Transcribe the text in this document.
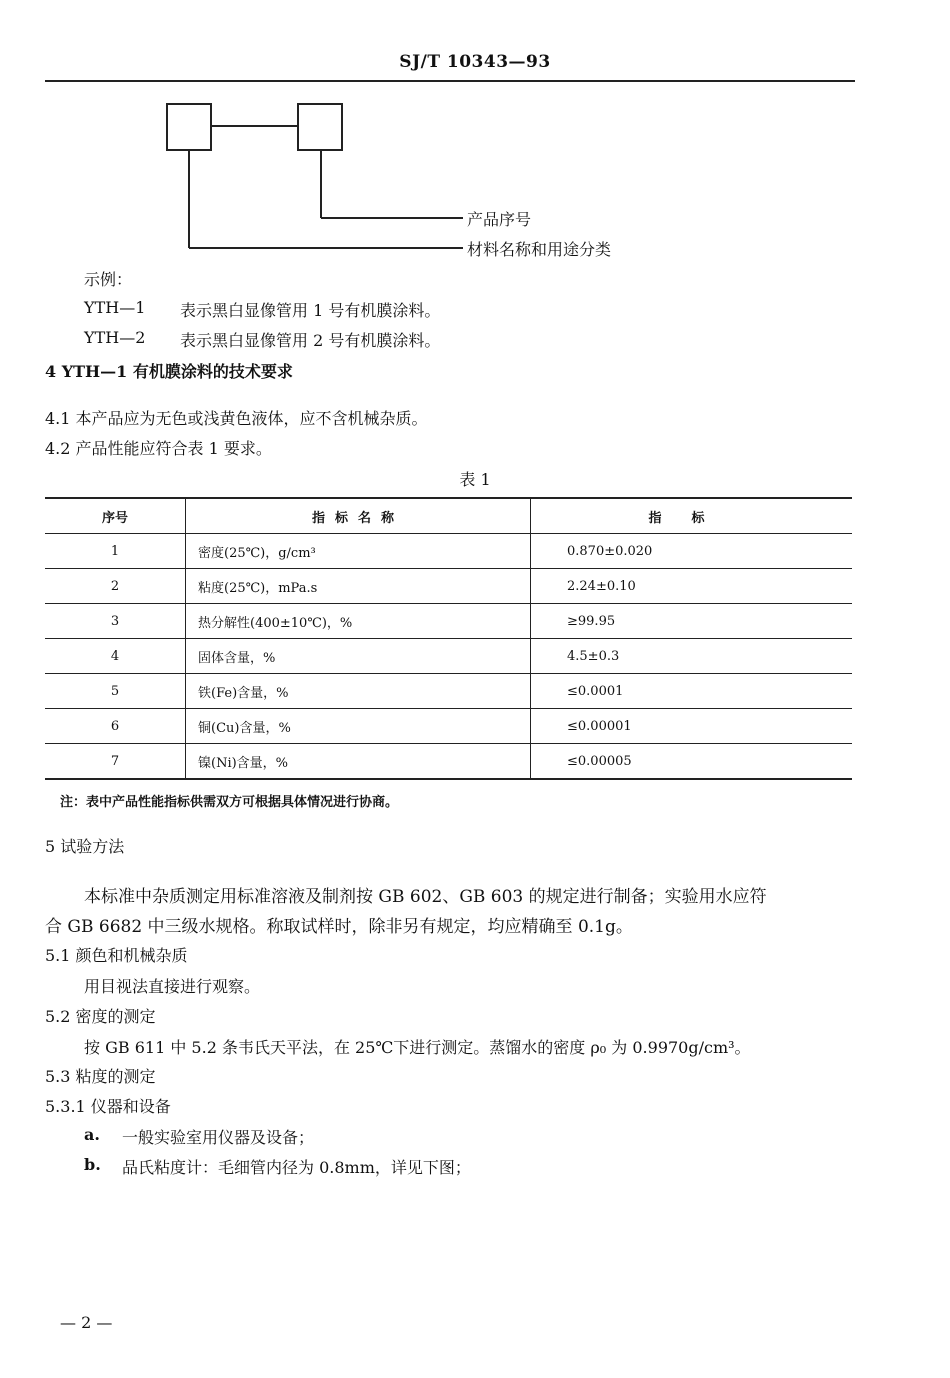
SJ/T 10343—93
产品序号
材料名称和用途分类
示例：
YTH—1 表示黑白显像管用 1 号有机膜涂料。
YTH—2 表示黑白显像管用 2 号有机膜涂料。
4 YTH—1 有机膜涂料的技术要求
4.1 本产品应为无色或浅黄色液体，应不含机械杂质。
4.2 产品性能应符合表 1 要求。
表 1
序号	指标名称	指标
1	密度(25℃)，g/cm³	0.870±0.020
2	粘度(25℃)，mPa.s	2.24±0.10
3	热分解性(400±10℃)，%	≥99.95
4	固体含量，%	4.5±0.3
5	铁(Fe)含量，%	≤0.0001
6	铜(Cu)含量，%	≤0.00001
7	镍(Ni)含量，%	≤0.00005
注：表中产品性能指标供需双方可根据具体情况进行协商。
5 试验方法
本标准中杂质测定用标准溶液及制剂按 GB 602、GB 603 的规定进行制备；实验用水应符
合 GB 6682 中三级水规格。称取试样时，除非另有规定，均应精确至 0.1g。
5.1 颜色和机械杂质
用目视法直接进行观察。
5.2 密度的测定
按 GB 611 中 5.2 条韦氏天平法，在 25℃下进行测定。蒸馏水的密度 ρ₀ 为 0.9970g/cm³。
5.3 粘度的测定
5.3.1 仪器和设备
a. 一般实验室用仪器及设备；
b. 品氏粘度计：毛细管内径为 0.8mm，详见下图；
— 2 —
